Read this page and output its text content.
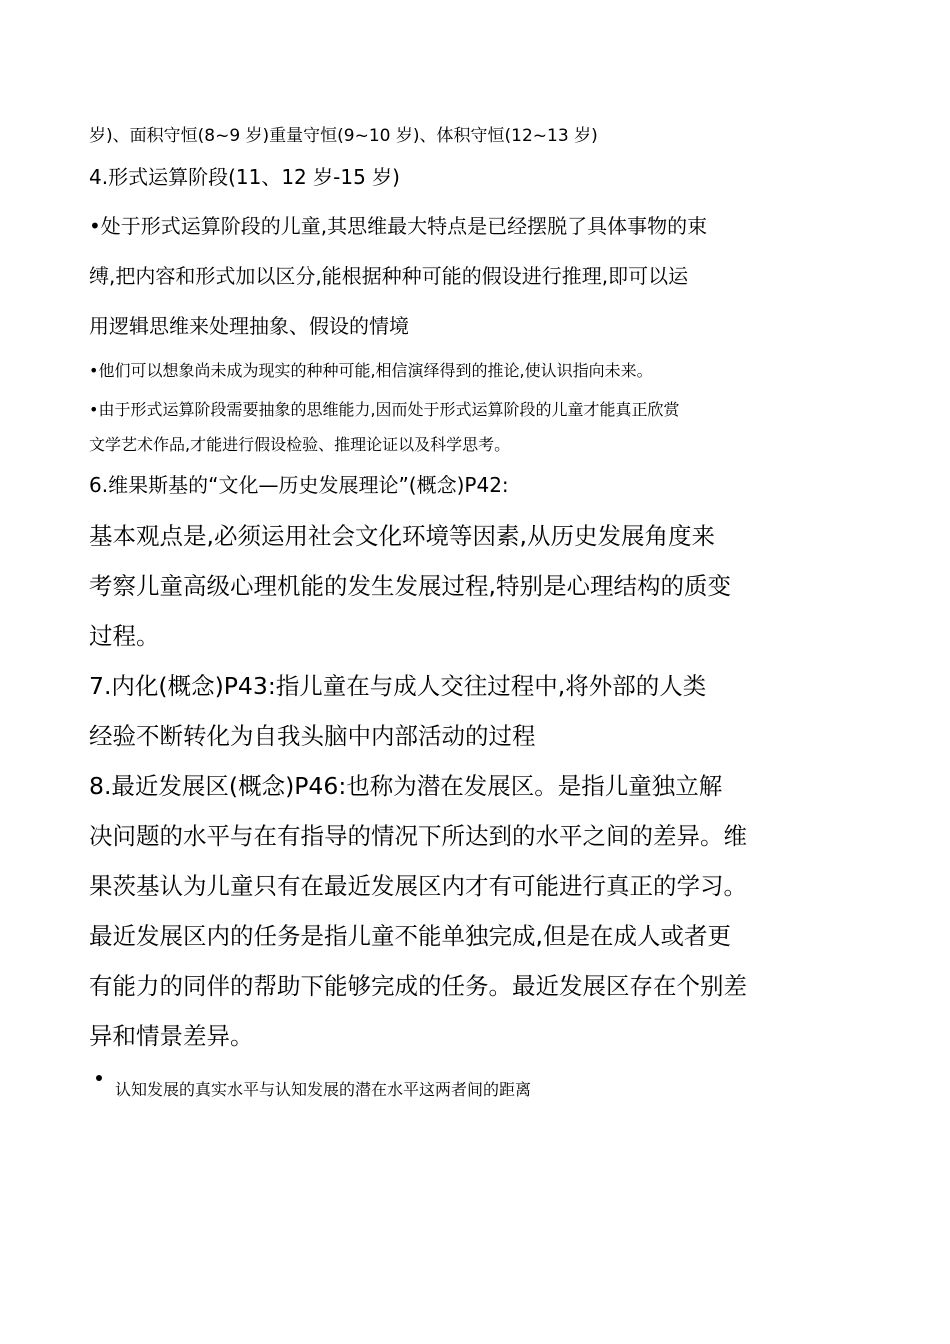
岁)、面积守恒(8~9 岁)重量守恒(9~10 岁)、体积守恒(12~13 岁)

4.形式运算阶段(11、12 岁-15 岁)

•处于形式运算阶段的儿童,其思维最大特点是已经摆脱了具体事物的束

缚,把内容和形式加以区分,能根据种种可能的假设进行推理,即可以运

用逻辑思维来处理抽象、假设的情境

•他们可以想象尚未成为现实的种种可能,相信演绎得到的推论,使认识指向未来。

•由于形式运算阶段需要抽象的思维能力,因而处于形式运算阶段的儿童才能真正欣赏

文学艺术作品,才能进行假设检验、推理论证以及科学思考。

6.维果斯基的“文化—历史发展理论”(概念)P42:

基本观点是,必须运用社会文化环境等因素,从历史发展角度来

考察儿童高级心理机能的发生发展过程,特别是心理结构的质变

过程。

7.内化(概念)P43:指儿童在与成人交往过程中,将外部的人类

经验不断转化为自我头脑中内部活动的过程

8.最近发展区(概念)P46:也称为潜在发展区。是指儿童独立解

决问题的水平与在有指导的情况下所达到的水平之间的差异。维

果茨基认为儿童只有在最近发展区内才有可能进行真正的学习。

最近发展区内的任务是指儿童不能单独完成,但是在成人或者更

有能力的同伴的帮助下能够完成的任务。最近发展区存在个别差

异和情景差异。

认知发展的真实水平与认知发展的潜在水平这两者间的距离
